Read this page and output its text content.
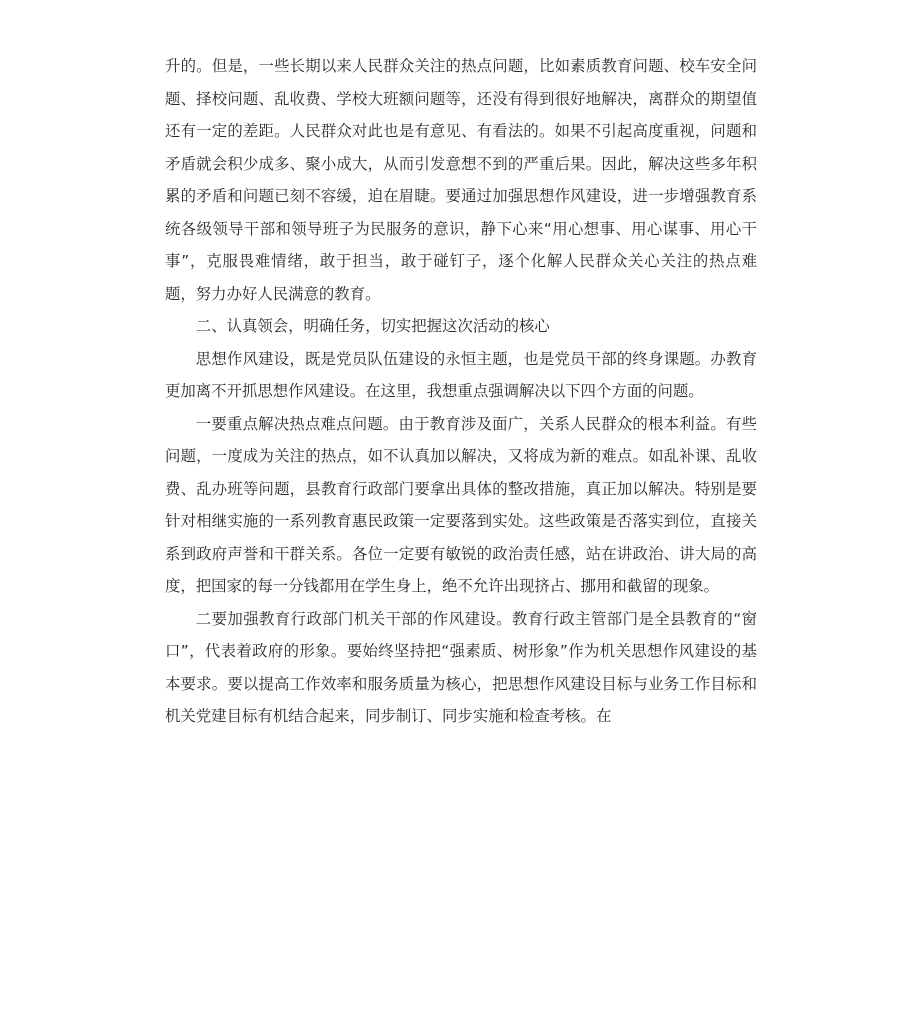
升的。但是，一些长期以来人民群众关注的热点问题，比如素质教育问题、校车安全问题、择校问题、乱收费、学校大班额问题等，还没有得到很好地解决，离群众的期望值还有一定的差距。人民群众对此也是有意见、有看法的。如果不引起高度重视，问题和矛盾就会积少成多、聚小成大，从而引发意想不到的严重后果。因此，解决这些多年积累的矛盾和问题已刻不容缓，迫在眉睫。要通过加强思想作风建设，进一步增强教育系统各级领导干部和领导班子为民服务的意识，静下心来“用心想事、用心谋事、用心干事”，克服畏难情绪，敢于担当，敢于碰钉子，逐个化解人民群众关心关注的热点难题，努力办好人民满意的教育。

二、认真领会，明确任务，切实把握这次活动的核心

思想作风建设，既是党员队伍建设的永恒主题，也是党员干部的终身课题。办教育更加离不开抓思想作风建设。在这里，我想重点强调解决以下四个方面的问题。

一要重点解决热点难点问题。由于教育涉及面广，关系人民群众的根本利益。有些问题，一度成为关注的热点，如不认真加以解决，又将成为新的难点。如乱补课、乱收费、乱办班等问题，县教育行政部门要拿出具体的整改措施，真正加以解决。特别是要针对相继实施的一系列教育惠民政策一定要落到实处。这些政策是否落实到位，直接关系到政府声誉和干群关系。各位一定要有敏锐的政治责任感，站在讲政治、讲大局的高度，把国家的每一分钱都用在学生身上，绝不允许出现挤占、挪用和截留的现象。

二要加强教育行政部门机关干部的作风建设。教育行政主管部门是全县教育的“窗口”，代表着政府的形象。要始终坚持把“强素质、树形象”作为机关思想作风建设的基本要求。要以提高工作效率和服务质量为核心，把思想作风建设目标与业务工作目标和机关党建目标有机结合起来，同步制订、同步实施和检查考核。在
